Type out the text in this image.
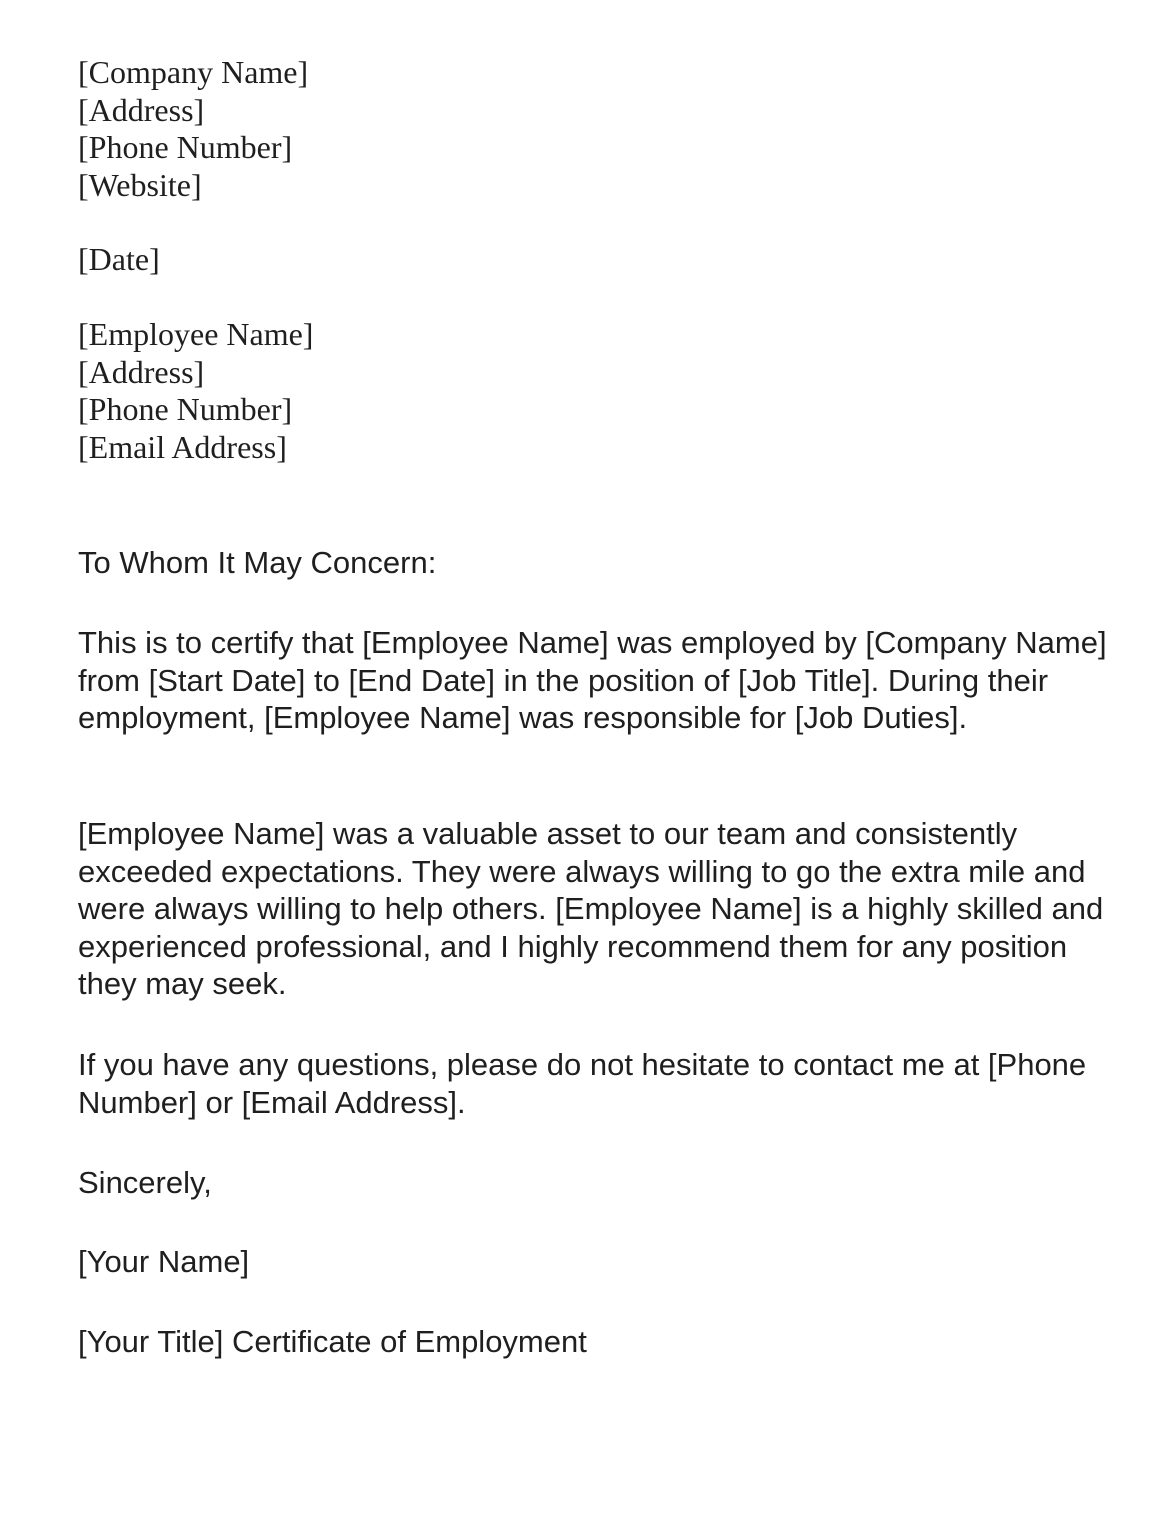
[Company Name]
[Address]
[Phone Number]
[Website]
[Date]
[Employee Name]
[Address]
[Phone Number]
[Email Address]

To Whom It May Concern:

This is to certify that [Employee Name] was employed by [Company Name] from [Start Date] to [End Date] in the position of [Job Title]. During their employment, [Employee Name] was responsible for [Job Duties].

[Employee Name] was a valuable asset to our team and consistently exceeded expectations. They were always willing to go the extra mile and were always willing to help others. [Employee Name] is a highly skilled and experienced professional, and I highly recommend them for any position they may seek.

If you have any questions, please do not hesitate to contact me at [Phone Number] or [Email Address].

Sincerely,

[Your Name]

[Your Title] Certificate of Employment
